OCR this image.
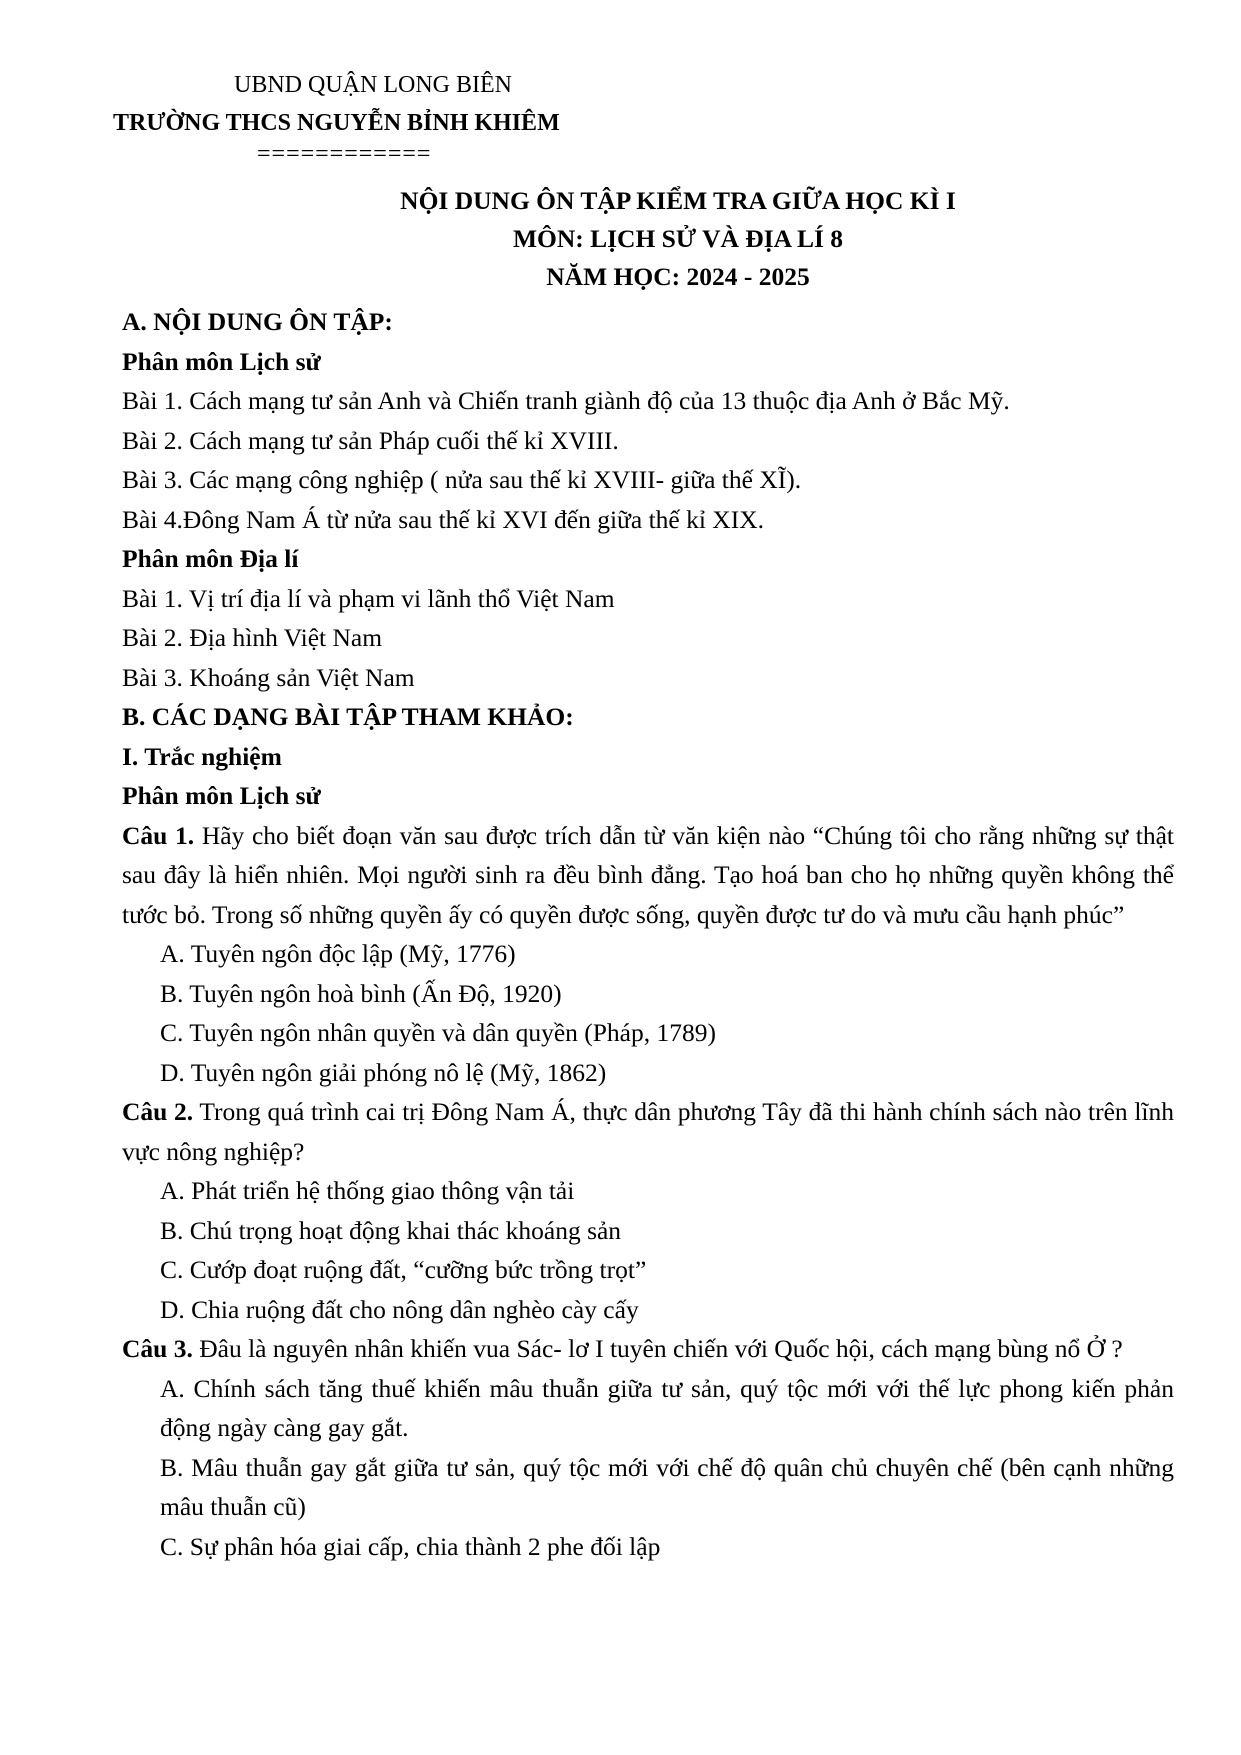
UBND QUẬN LONG BIÊN
TRƯỜNG THCS NGUYỄN BỈNH KHIÊM
============
NỘI DUNG ÔN TẬP KIỂM TRA GIỮA HỌC KÌ I
MÔN: LỊCH SỬ VÀ ĐỊA LÍ 8
NĂM HỌC: 2024 - 2025

A. NỘI DUNG ÔN TẬP:

Phân môn Lịch sử

Bài 1. Cách mạng tư sản Anh và Chiến tranh giành độ của 13 thuộc địa Anh ở Bắc Mỹ.

Bài 2. Cách mạng tư sản Pháp cuối thế kỉ XVIII.

Bài 3. Các mạng công nghiệp ( nửa sau thế kỉ XVIII- giữa thế XĨ).

Bài 4.Đông Nam Á từ nửa sau thế kỉ XVI đến giữa thế kỉ XIX.

Phân môn Địa lí

Bài 1. Vị trí địa lí và phạm vi lãnh thổ Việt Nam

Bài 2. Địa hình Việt Nam

Bài 3. Khoáng sản Việt Nam

B. CÁC DẠNG BÀI TẬP THAM KHẢO:

I. Trắc nghiệm

Phân môn Lịch sử

Câu 1. Hãy cho biết đoạn văn sau được trích dẫn từ văn kiện nào “Chúng tôi cho rằng những sự thật sau đây là hiển nhiên. Mọi người sinh ra đều bình đẳng. Tạo hoá ban cho họ những quyền không thể tước bỏ. Trong số những quyền ấy có quyền được sống, quyền được tư do và mưu cầu hạnh phúc”

A. Tuyên ngôn độc lập (Mỹ, 1776)

B. Tuyên ngôn hoà bình (Ấn Độ, 1920)

C. Tuyên ngôn nhân quyền và dân quyền (Pháp, 1789)

D. Tuyên ngôn giải phóng nô lệ (Mỹ, 1862)

Câu 2. Trong quá trình cai trị Đông Nam Á, thực dân phương Tây đã thi hành chính sách nào trên lĩnh vực nông nghiệp?

A. Phát triển hệ thống giao thông vận tải

B. Chú trọng hoạt động khai thác khoáng sản

C. Cướp đoạt ruộng đất, “cưỡng bức trồng trọt”

D. Chia ruộng đất cho nông dân nghèo cày cấy

Câu 3. Đâu là nguyên nhân khiến vua Sác- lơ I tuyên chiến với Quốc hội, cách mạng bùng nổ Ở ?

A. Chính sách tăng thuế khiến mâu thuẫn giữa tư sản, quý tộc mới với thế lực phong kiến phản động ngày càng gay gắt.

B. Mâu thuẫn gay gắt giữa tư sản, quý tộc mới với chế độ quân chủ chuyên chế (bên cạnh những mâu thuẫn cũ)

C. Sự phân hóa giai cấp, chia thành 2 phe đối lập
